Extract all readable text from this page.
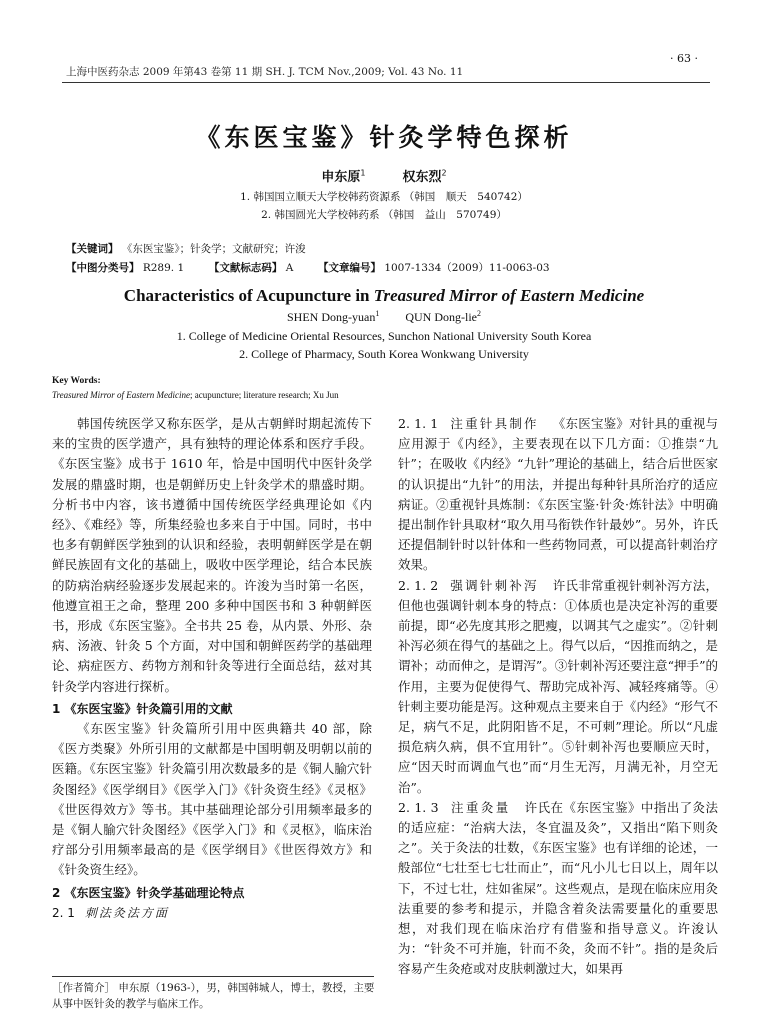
上海中医药杂志 2009 年第43 卷第 11 期 SH. J. TCM Nov.,2009; Vol. 43 No. 11
· 63 ·
《东医宝鉴》针灸学特色探析
申东原$^1$	权东烈$^2$
1. 韩国国立顺天大学校韩药资源系 （韩国　顺天　540742）
2. 韩国圆光大学校韩药系 （韩国　益山　570749）
【关键词】 《东医宝鉴》；针灸学；文献研究；许浚
【中图分类号】 R289. 1 【文献标志码】 A 【文章编号】 1007-1334（2009）11-0063-03
Characteristics of Acupuncture in Treasured Mirror of Eastern Medicine
SHEN Dong-yuan$^1$ QUN Dong-lie$^2$
1. College of Medicine Oriental Resources, Sunchon National University South Korea
2. College of Pharmacy, South Korea Wonkwang University
Key Words:
Treasured Mirror of Eastern Medicine; acupuncture; literature research; Xu Jun

韩国传统医学又称东医学，是从古朝鲜时期起流传下来的宝贵的医学遗产，具有独特的理论体系和医疗手段。《东医宝鉴》成书于 1610 年，恰是中国明代中医针灸学发展的鼎盛时期，也是朝鲜历史上针灸学术的鼎盛时期。分析书中内容，该书遵循中国传统医学经典理论如《内经》、《难经》等，所集经验也多来自于中国。同时，书中也多有朝鲜医学独到的认识和经验，表明朝鲜医学是在朝鲜民族固有文化的基础上，吸收中医学理论，结合本民族的防病治病经验逐步发展起来的。许浚为当时第一名医，他遵宣祖王之命，整理 200 多种中国医书和 3 种朝鲜医书，形成《东医宝鉴》。全书共 25 卷，从内景、外形、杂病、汤液、针灸 5 个方面，对中国和朝鲜医药学的基础理论、病症医方、药物方剂和针灸等进行全面总结，兹对其针灸学内容进行探析。

1 《东医宝鉴》针灸篇引用的文献

《东医宝鉴》针灸篇所引用中医典籍共 40 部，除《医方类聚》外所引用的文献都是中国明朝及明朝以前的医籍。《东医宝鉴》针灸篇引用次数最多的是《铜人腧穴针灸图经》《医学纲目》《医学入门》《针灸资生经》《灵枢》《世医得效方》等书。其中基础理论部分引用频率最多的是《铜人腧穴针灸图经》《医学入门》和《灵枢》，临床治疗部分引用频率最高的是《医学纲目》《世医得效方》和《针灸资生经》。

2 《东医宝鉴》针灸学基础理论特点

2. 1 刺法灸法方面

2. 1. 1 注重针具制作 《东医宝鉴》对针具的重视与应用源于《内经》，主要表现在以下几方面：①推崇“九针”；在吸收《内经》“九针”理论的基础上，结合后世医家的认识提出“九针”的用法，并提出每种针具所治疗的适应病证。②重视针具炼制：《东医宝鉴·针灸·炼针法》中明确提出制作针具取材“取久用马衔铁作针最妙”。另外，许氏还提倡制针时以针体和一些药物同煮，可以提高针刺治疗效果。

2. 1. 2 强调针刺补泻 许氏非常重视针刺补泻方法，但他也强调针刺本身的特点：①体质也是决定补泻的重要前提，即“必先度其形之肥瘦，以调其气之虚实”。②针刺补泻必须在得气的基础之上。得气以后，“因推而纳之，是谓补；动而伸之，是谓泻”。③针刺补泻还要注意“押手”的作用，主要为促使得气、帮助完成补泻、减轻疼痛等。④针刺主要功能是泻。这种观点主要来自于《内经》“形气不足，病气不足，此阴阳皆不足，不可刺”理论。所以“凡虚损危病久病，俱不宜用针”。⑤针刺补泻也要顺应天时，应“因天时而调血气也”而“月生无泻，月满无补，月空无治”。

2. 1. 3 注重灸量 许氏在《东医宝鉴》中指出了灸法的适应症：“治病大法，冬宜温及灸”，又指出“陷下则灸之”。关于灸法的壮数，《东医宝鉴》也有详细的论述，一般部位“七壮至七七壮而止”，而“凡小儿七日以上，周年以下，不过七壮，炷如雀屎”。这些观点，是现在临床应用灸法重要的参考和提示，并隐含着灸法需要量化的重要思想，对我们现在临床治疗有借鉴和指导意义。许浚认为：“针灸不可并施，针而不灸，灸而不针”。指的是灸后容易产生灸疮或对皮肤刺激过大，如果再

［作者简介］ 申东原（1963-），男，韩国韩城人，博士，教授，主要从事中医针灸的教学与临床工作。
